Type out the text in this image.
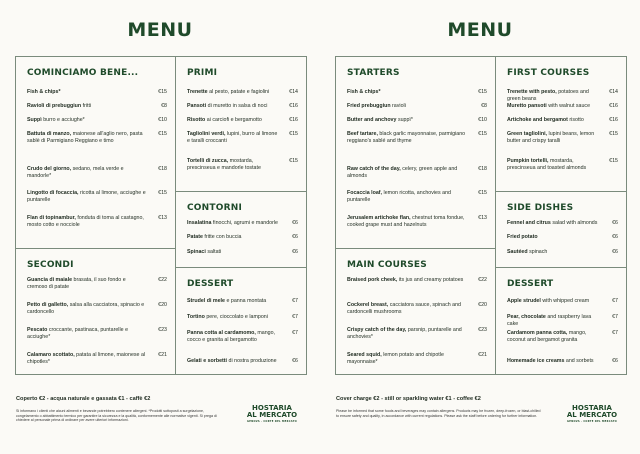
MENU
COMINCIAMO BENE...
Fish & chips*	€15
Ravioli di prebuggiun fritti	€8
Suppì burro e acciughe*	€10
Battuta di manzo, maionese all'aglio nero, pasta sablè di Parmigiano Reggiano e timo
€15
Crudo del giorno, sedano, mela verde e mandorle*
€18
Lingotto di focaccia, ricotta al limone, acciughe e puntarelle
€15
Flan di topinambur, fonduta di toma al castagno, mosto cotto e nocciole
€13
SECONDI
Guancia di maiale brasata, il suo fondo e cremoso di patate
€22
Petto di galletto, salsa alla cacciatora, spinacio e cardoncello
€20
Pescato croccante, pastinaca, puntarelle e acciughe*
€23
Calamaro scottato, patata al limone, maionese al chipotles*
€21
PRIMI
Trenette al pesto, patate e fagiolini	€14
Pansoti di muretto in salsa di noci	€16
Risotto ai carciofi e bergamotto	€16
Tagliolini verdi, lupini, burro al limone e taralli croccanti
€15
Tortelli di zucca, mostarda, prescinseua e mandorle tostate
€15
CONTORNI
Insalatina finocchi, agrumi e mandorle	€6
Patate fritte con buccia	€6
Spinaci saltati	€6
DESSERT
Strudel di mele e panna montata	€7
Tortino pere, cioccolato e lamponi	€7
Panna cotta al cardamomo, mango, cocco e granita al bergamotto
€7
Gelati e sorbetti di nostra produzione	€6
Coperto €2 - acqua naturale e gassata €1 - caffè €2
Si informano i clienti che alcuni alimenti e bevande potrebbero contenere allergeni. *Prodotti sottoposti a surgelazione, congelamento o abbattimento termico per garantire la sicurezza e la qualità, conformemente alle normative vigenti. Si prega di chiedere al personale prima di ordinare per avere ulteriori informazioni.
HOSTARIA
AL MERCATO
GENOVA · CORTE DEL MERCATO
MENU
STARTERS
Fish & chips*	€15
Fried prebuggiun ravioli	€8
Butter and anchovy suppì*	€10
Beef tartare, black garlic mayonnaise, parmigiano reggiano's sablé and thyme
€15
Raw catch of the day, celery, green apple and almonds
€18
Focaccia loaf, lemon ricotta, anchovies and puntarelle
€15
Jerusalem artichoke flan, chestnut toma fondue, cooked grape must and hazelnuts
€13
MAIN COURSES
Braised pork cheek, its jus and creamy potatoes	€22
Cockerel breast, cacciatora sauce, spinach and cardoncelli mushrooms
€20
Crispy catch of the day, parsnip, puntarelle and anchovies*
€23
Seared squid, lemon potato and chipotle mayonnaise*
€21
FIRST COURSES
Trenette with pesto, potatoes and green beans
€14
Muretto pansoti with walnut sauce	€16
Artichoke and bergamot risotto	€16
Green tagliolini, lupini beans, lemon butter and crispy taralli
€15
Pumpkin tortelli, mostarda, prescinseua and toasted almonds
€15
SIDE DISHES
Fennel and citrus salad with almonds	€6
Fried potato	€6
Sautéed spinach	€6
DESSERT
Apple strudel with whipped cream	€7
Pear, chocolate and raspberry lava cake
€7
Cardamom panna cotta, mango, coconut and bergamot granita
€7
Homemade ice creams and sorbets	€6
Cover charge €2 - still or sparkling water €1 - coffee €2
Please be informed that some foods and beverages may contain allergens. Products may be frozen, deep-frozen, or blast-chilled to ensure safety and quality, in accordance with current regulations. Please ask the staff before ordering for further information.
HOSTARIA
AL MERCATO
GENOVA · CORTE DEL MERCATO
